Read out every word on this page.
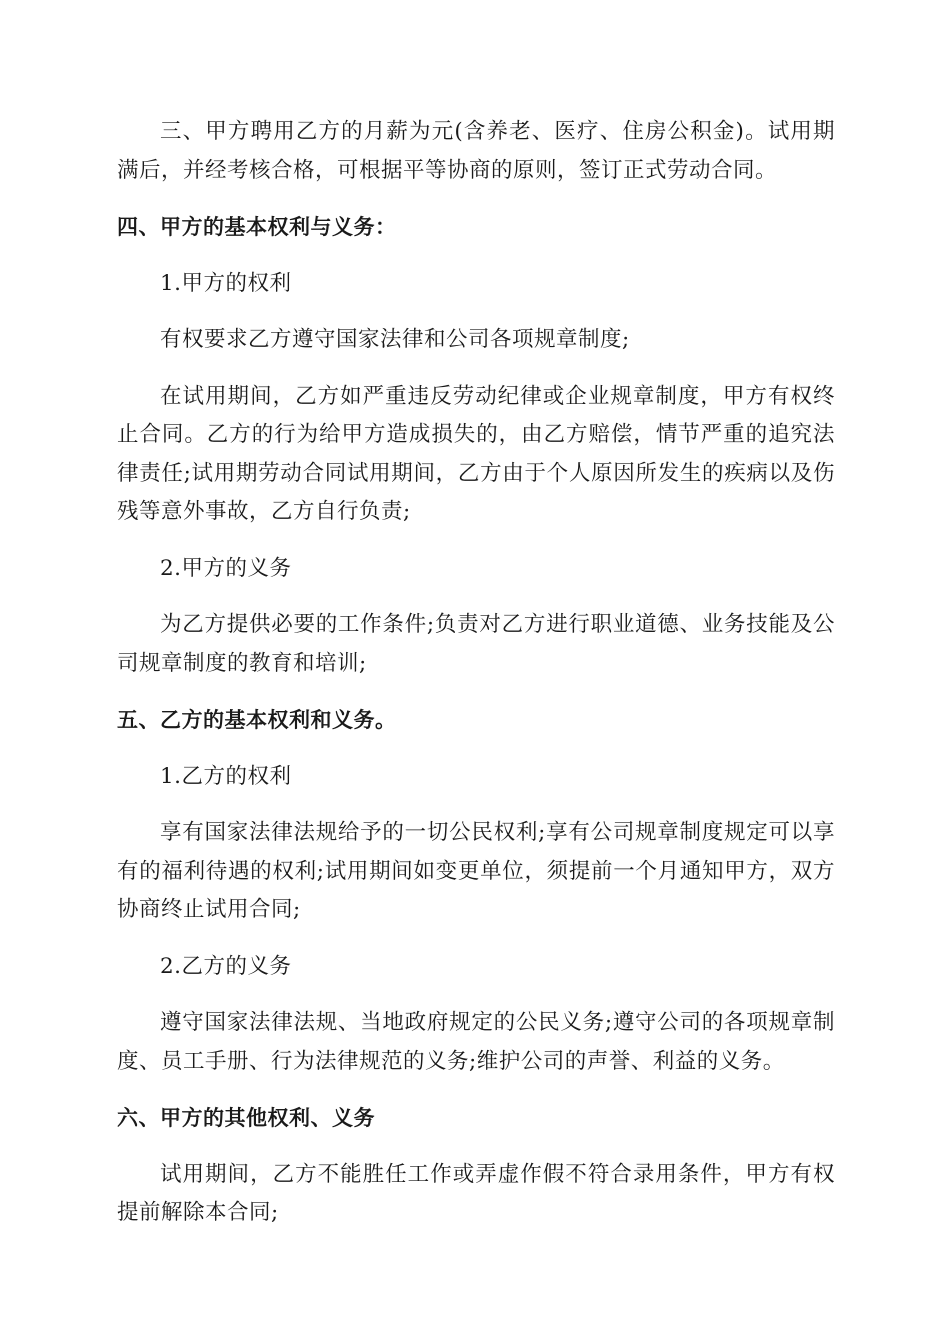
三、甲方聘用乙方的月薪为元(含养老、医疗、住房公积金)。试用期满后，并经考核合格，可根据平等协商的原则，签订正式劳动合同。

四、甲方的基本权利与义务：

1.甲方的权利

有权要求乙方遵守国家法律和公司各项规章制度;

在试用期间，乙方如严重违反劳动纪律或企业规章制度，甲方有权终止合同。乙方的行为给甲方造成损失的，由乙方赔偿，情节严重的追究法律责任;试用期劳动合同试用期间，乙方由于个人原因所发生的疾病以及伤残等意外事故，乙方自行负责;

2.甲方的义务

为乙方提供必要的工作条件;负责对乙方进行职业道德、业务技能及公司规章制度的教育和培训;

五、乙方的基本权利和义务。

1.乙方的权利

享有国家法律法规给予的一切公民权利;享有公司规章制度规定可以享有的福利待遇的权利;试用期间如变更单位，须提前一个月通知甲方，双方协商终止试用合同;

2.乙方的义务

遵守国家法律法规、当地政府规定的公民义务;遵守公司的各项规章制度、员工手册、行为法律规范的义务;维护公司的声誉、利益的义务。

六、甲方的其他权利、义务

试用期间，乙方不能胜任工作或弄虚作假不符合录用条件，甲方有权提前解除本合同;
